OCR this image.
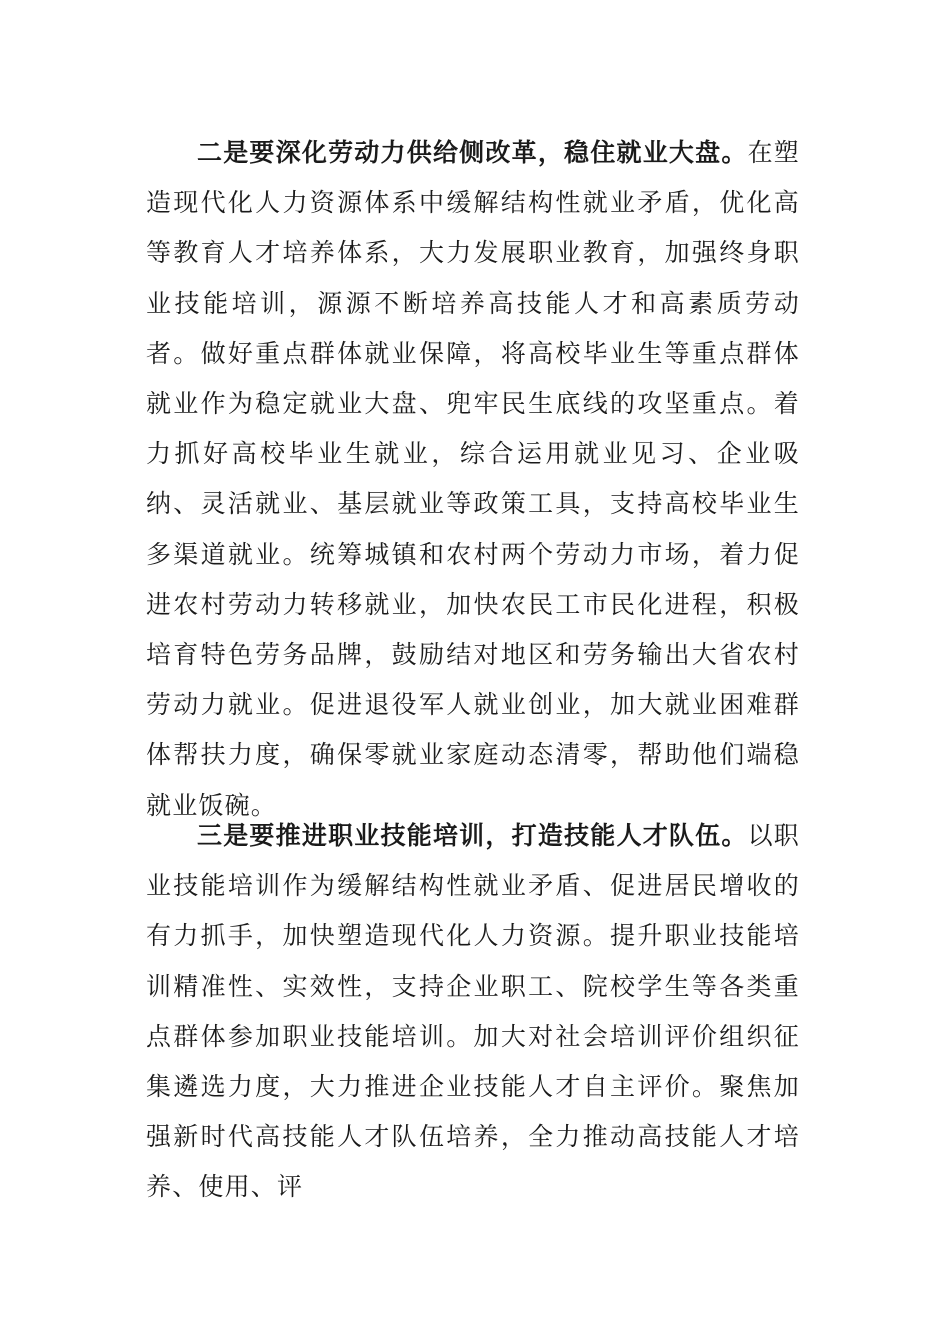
二是要深化劳动力供给侧改革，稳住就业大盘。在塑造现代化人力资源体系中缓解结构性就业矛盾，优化高等教育人才培养体系，大力发展职业教育，加强终身职业技能培训，源源不断培养高技能人才和高素质劳动者。做好重点群体就业保障，将高校毕业生等重点群体就业作为稳定就业大盘、兜牢民生底线的攻坚重点。着力抓好高校毕业生就业，综合运用就业见习、企业吸纳、灵活就业、基层就业等政策工具，支持高校毕业生多渠道就业。统筹城镇和农村两个劳动力市场，着力促进农村劳动力转移就业，加快农民工市民化进程，积极培育特色劳务品牌，鼓励结对地区和劳务输出大省农村劳动力就业。促进退役军人就业创业，加大就业困难群体帮扶力度，确保零就业家庭动态清零，帮助他们端稳就业饭碗。

三是要推进职业技能培训，打造技能人才队伍。以职业技能培训作为缓解结构性就业矛盾、促进居民增收的有力抓手，加快塑造现代化人力资源。提升职业技能培训精准性、实效性，支持企业职工、院校学生等各类重点群体参加职业技能培训。加大对社会培训评价组织征集遴选力度，大力推进企业技能人才自主评价。聚焦加强新时代高技能人才队伍培养，全力推动高技能人才培养、使用、评
